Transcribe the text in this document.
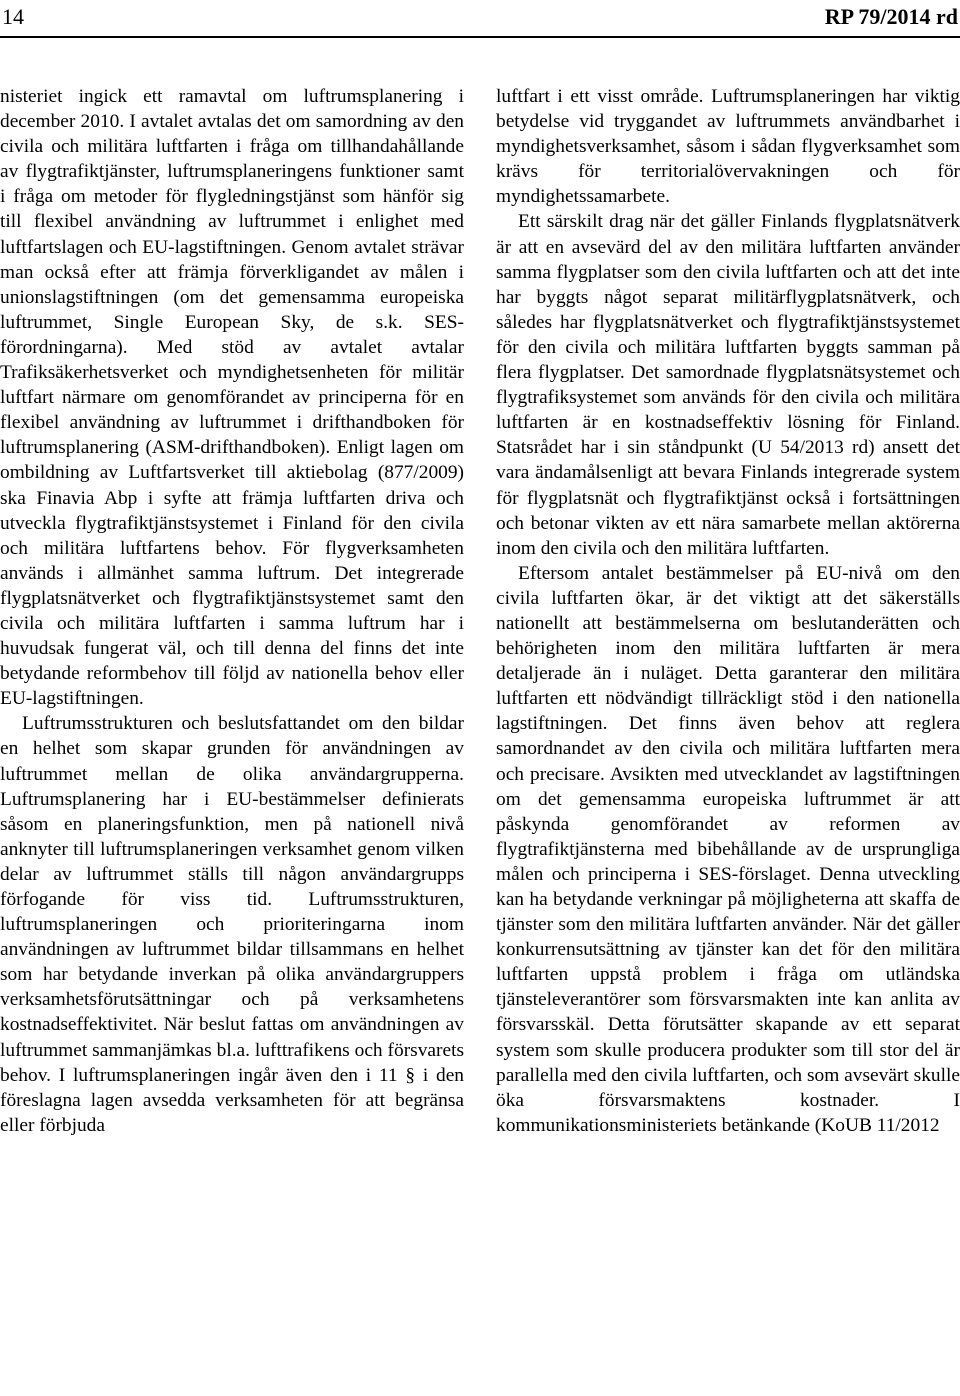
14	RP 79/2014 rd

nisteriet ingick ett ramavtal om luftrumsplanering i december 2010. I avtalet avtalas det om samordning av den civila och militära luftfarten i fråga om tillhandahållande av flygtrafiktjänster, luftrumsplaneringens funktioner samt i fråga om metoder för flygledningstjänst som hänför sig till flexibel användning av luftrummet i enlighet med luftfartslagen och EU-lagstiftningen. Genom avtalet strävar man också efter att främja förverkligandet av målen i unionslagstiftningen (om det gemensamma europeiska luftrummet, Single European Sky, de s.k. SES-förordningarna). Med stöd av avtalet avtalar Trafiksäkerhetsverket och myndighetsenheten för militär luftfart närmare om genomförandet av principerna för en flexibel användning av luftrummet i drifthandboken för luftrumsplanering (ASM-drifthandboken). Enligt lagen om ombildning av Luftfartsverket till aktiebolag (877/2009) ska Finavia Abp i syfte att främja luftfarten driva och utveckla flygtrafiktjänstsystemet i Finland för den civila och militära luftfartens behov. För flygverksamheten används i allmänhet samma luftrum. Det integrerade flygplatsnätverket och flygtrafiktjänstsystemet samt den civila och militära luftfarten i samma luftrum har i huvudsak fungerat väl, och till denna del finns det inte betydande reformbehov till följd av nationella behov eller EU-lagstiftningen.

Luftrumsstrukturen och beslutsfattandet om den bildar en helhet som skapar grunden för användningen av luftrummet mellan de olika användargrupperna. Luftrumsplanering har i EU-bestämmelser definierats såsom en planeringsfunktion, men på nationell nivå anknyter till luftrumsplaneringen verksamhet genom vilken delar av luftrummet ställs till någon användargrupps förfogande för viss tid. Luftrumsstrukturen, luftrumsplaneringen och prioriteringarna inom användningen av luftrummet bildar tillsammans en helhet som har betydande inverkan på olika användargruppers verksamhetsförutsättningar och på verksamhetens kostnadseffektivitet. När beslut fattas om användningen av luftrummet sammanjämkas bl.a. lufttrafikens och försvarets behov. I luftrumsplaneringen ingår även den i 11 § i den föreslagna lagen avsedda verksamheten för att begränsa eller förbjuda

luftfart i ett visst område. Luftrumsplaneringen har viktig betydelse vid tryggandet av luftrummets användbarhet i myndighetsverksamhet, såsom i sådan flygverksamhet som krävs för territorialövervakningen och för myndighetssamarbete.

Ett särskilt drag när det gäller Finlands flygplatsnätverk är att en avsevärd del av den militära luftfarten använder samma flygplatser som den civila luftfarten och att det inte har byggts något separat militärflygplatsnätverk, och således har flygplatsnätverket och flygtrafiktjänstsystemet för den civila och militära luftfarten byggts samman på flera flygplatser. Det samordnade flygplatsnätsystemet och flygtrafiksystemet som används för den civila och militära luftfarten är en kostnadseffektiv lösning för Finland. Statsrådet har i sin ståndpunkt (U 54/2013 rd) ansett det vara ändamålsenligt att bevara Finlands integrerade system för flygplatsnät och flygtrafiktjänst också i fortsättningen och betonar vikten av ett nära samarbete mellan aktörerna inom den civila och den militära luftfarten.

Eftersom antalet bestämmelser på EU-nivå om den civila luftfarten ökar, är det viktigt att det säkerställs nationellt att bestämmelserna om beslutanderätten och behörigheten inom den militära luftfarten är mera detaljerade än i nuläget. Detta garanterar den militära luftfarten ett nödvändigt tillräckligt stöd i den nationella lagstiftningen. Det finns även behov att reglera samordnandet av den civila och militära luftfarten mera och precisare. Avsikten med utvecklandet av lagstiftningen om det gemensamma europeiska luftrummet är att påskynda genomförandet av reformen av flygtrafiktjänsterna med bibehållande av de ursprungliga målen och principerna i SES-förslaget. Denna utveckling kan ha betydande verkningar på möjligheterna att skaffa de tjänster som den militära luftfarten använder. När det gäller konkurrensutsättning av tjänster kan det för den militära luftfarten uppstå problem i fråga om utländska tjänsteleverantörer som försvarsmakten inte kan anlita av försvarsskäl. Detta förutsätter skapande av ett separat system som skulle producera produkter som till stor del är parallella med den civila luftfarten, och som avsevärt skulle öka försvarsmaktens kostnader. I kommunikationsministeriets betänkande (KoUB 11/2012
